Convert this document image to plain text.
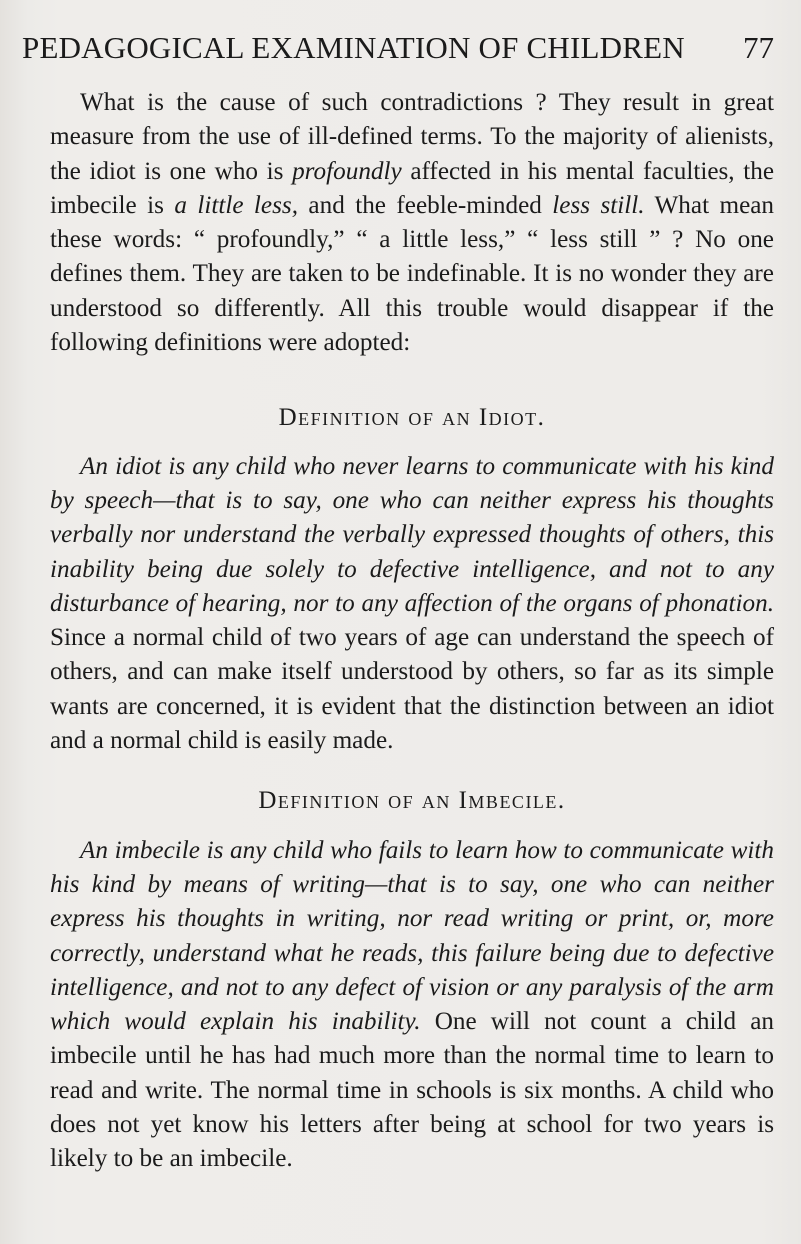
PEDAGOGICAL EXAMINATION OF CHILDREN 77

What is the cause of such contradictions ? They result in great measure from the use of ill-defined terms. To the majority of alienists, the idiot is one who is profoundly affected in his mental faculties, the imbecile is a little less, and the feeble-minded less still. What mean these words: “ profoundly,” “ a little less,” “ less still ” ? No one defines them. They are taken to be indefinable. It is no wonder they are understood so differently. All this trouble would disappear if the following definitions were adopted:

Definition of an Idiot.

An idiot is any child who never learns to communicate with his kind by speech—that is to say, one who can neither express his thoughts verbally nor understand the verbally expressed thoughts of others, this inability being due solely to defective intelligence, and not to any disturbance of hearing, nor to any affection of the organs of phonation. Since a normal child of two years of age can understand the speech of others, and can make itself understood by others, so far as its simple wants are concerned, it is evident that the distinction between an idiot and a normal child is easily made.

Definition of an Imbecile.

An imbecile is any child who fails to learn how to communicate with his kind by means of writing—that is to say, one who can neither express his thoughts in writing, nor read writing or print, or, more correctly, understand what he reads, this failure being due to defective intelligence, and not to any defect of vision or any paralysis of the arm which would explain his inability. One will not count a child an imbecile until he has had much more than the normal time to learn to read and write. The normal time in schools is six months. A child who does not yet know his letters after being at school for two years is likely to be an imbecile.
